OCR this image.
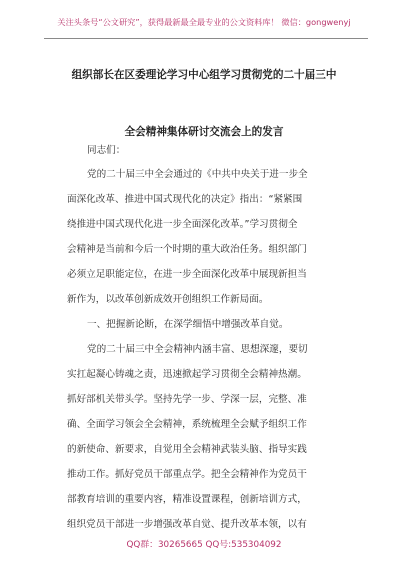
关注头条号“公文研究”，获得最新最全最专业的公文资料库！ 微信：gongwenyj
组织部长在区委理论学习中心组学习贯彻党的二十届三中
全会精神集体研讨交流会上的发言
同志们：
党的二十届三中全会通过的《中共中央关于进一步全
面深化改革、推进中国式现代化的决定》指出：“紧紧围
绕推进中国式现代化进一步全面深化改革。”学习贯彻全
会精神是当前和今后一个时期的重大政治任务。组织部门
必须立足职能定位，在进一步全面深化改革中展现新担当
新作为，以改革创新成效开创组织工作新局面。
一、把握新论断，在深学细悟中增强改革自觉。
党的二十届三中全会精神内涵丰富、思想深邃，要切
实扛起凝心铸魂之责，迅速掀起学习贯彻全会精神热潮。
抓好部机关带头学。坚持先学一步、学深一层，完整、准
确、全面学习领会全会精神，系统梳理全会赋予组织工作
的新使命、新要求，自觉用全会精神武装头脑、指导实践
推动工作。抓好党员干部重点学。把全会精神作为党员干
部教育培训的重要内容，精准设置课程，创新培训方式，
组织党员干部进一步增强改革自觉、提升改革本领，以有
QQ群：30265665 QQ号:535304092
